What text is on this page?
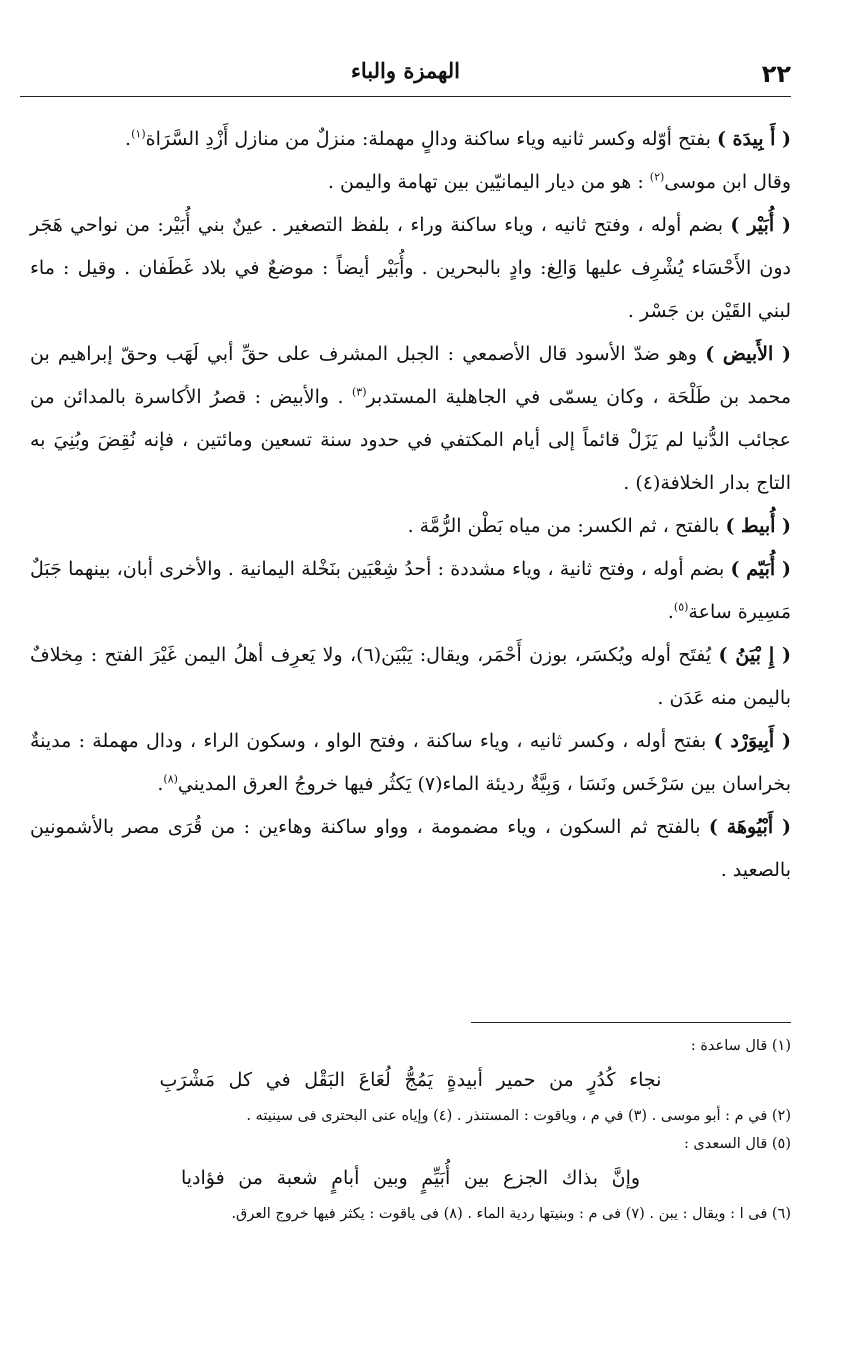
٢٢
الهمزة والباء

( أَ بِيدَة ) بفتح أوّله وكسر ثانيه وياء ساكنة ودالٍ مهملة: منزلٌ من منازل أَزْدِ السَّرَاة$^{(١)}$.

وقال ابن موسى$^{(٢)}$ : هو من ديار اليمانيّين بين تهامة واليمن .

( أُبَيْر ) بضم أوله ، وفتح ثانيه ، وياء ساكنة وراء ، بلفظ التصغير . عينٌ بني أُبَيْر: من نواحي هَجَر دون الأَحْسَاء يُشْرِف عليها وَالِغ: وادٍ بالبحرين . وأُبَيْر أيضاً : موضعٌ في بلاد غَطَفان . وقيل : ماء لبني القَيْن بن جَسْر .

( الأَبيض ) وهو ضدّ الأسود قال الأصمعي : الجبل المشرف على حقِّ أبي لَهَب وحقّ إبراهيم بن محمد بن طَلْحَة ، وكان يسمّى في الجاهلية المستدبر$^{(٣)}$ . والأبيض : قصرُ الأكاسرة بالمدائن من عجائب الدُّنيا لم يَزَلْ قائماً إلى أيام المكتفي في حدود سنة تسعين ومائتين ، فإنه نُقِضَ وبُنِيَ به التاج بدار الخلافة(٤) .

( أُبيط ) بالفتح ، ثم الكسر: من مياه بَطْن الرُّمَّة .

( أُبَيّم ) بضم أوله ، وفتح ثانية ، وياء مشددة : أحدُ شِعْبَين بنَخْلة اليمانية . والأخرى أبان، بينهما جَبَلٌ مَسِيرة ساعة$^{(٥)}$.

( إِ بْيَنُ ) يُفتَح أوله ويُكسَر، بوزن أَحْمَر، ويقال: يَبْيَن(٦)، ولا يَعرِف أهلُ اليمن غَيْرَ الفتح : مِخلافٌ باليمن منه عَدَن .

( أَبِيوَرْد ) بفتح أوله ، وكسر ثانيه ، وياء ساكنة ، وفتح الواو ، وسكون الراء ، ودال مهملة : مدينةٌ بخراسان بين سَرْخَس ونَسَا ، وَبِيَّةٌ رديئة الماء(٧) يَكثُر فيها خروجُ العرق المديني$^{(٨)}$.

( أَبْيُوهَة ) بالفتح ثم السكون ، وياء مضمومة ، وواو ساكنة وهاءين : من قُرَى مصر بالأشمونين بالصعيد .

(١) قال ساعدة :

نجاء كُدُرٍ من حمير أبيدةٍ يَمُجُّ لُعَاعَ البَقْل في كل مَشْرَبِ

(٢) في م : أبو موسى . (٣) في م ، وياقوت : المستنذر . (٤) وإياه عنى البحترى فى سينيته .

(٥) قال السعدى :

وإنَّ بذاك الجزع بين أُبَيِّمٍ وبين أبامٍ شعبة من فؤاديا

(٦) فى ا : ويقال : يبن . (٧) فى م : وبنيتها ردية الماء . (٨) فى ياقوت : يكثر فيها خروج العرق.
